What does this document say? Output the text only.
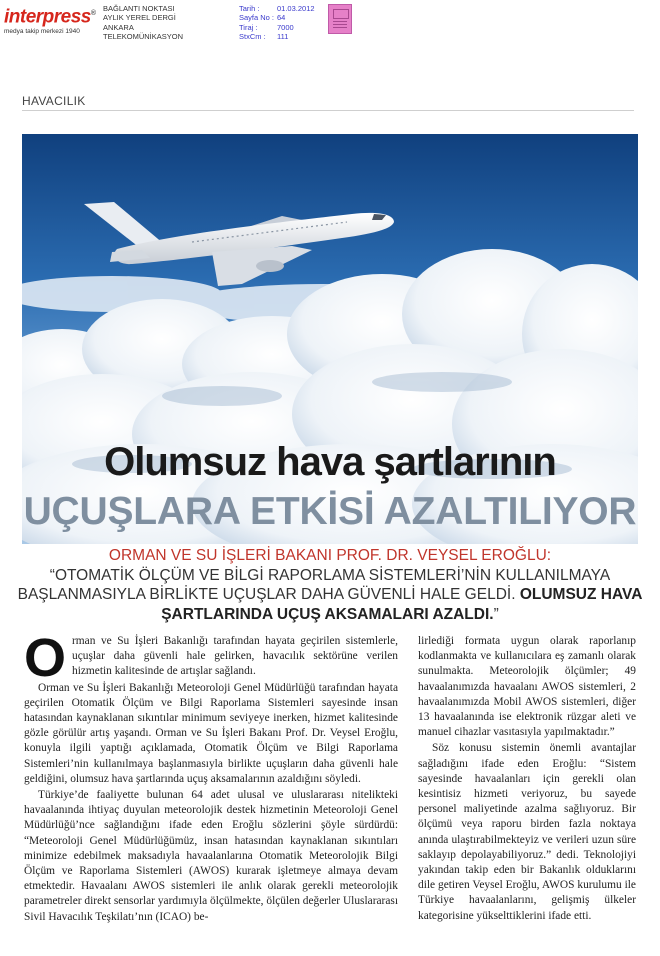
interpress®
medya takip merkezi 1940
BAĞLANTI NOKTASI
AYLIK YEREL DERGİ
ANKARA
TELEKOMÜNİKASYON
Tarih :	01.03.2012
Sayfa No : 64
Tiraj :	7000
StxCm :	111
HAVACILIK
Olumsuz hava şartlarının
UÇUŞLARA ETKİSİ AZALTILIYOR
ORMAN VE SU İŞLERİ BAKANI PROF. DR. VEYSEL EROĞLU:
“OTOMATİK ÖLÇÜM VE BİLGİ RAPORLAMA SİSTEMLERİ’NİN KULLANILMAYA
BAŞLANMASIYLA BİRLİKTE UÇUŞLAR DAHA GÜVENLİ HALE GELDİ. OLUMSUZ HAVA
ŞARTLARINDA UÇUŞ AKSAMALARI AZALDI.”

Orman ve Su İşleri Bakanlığı tarafından hayata geçirilen sistemlerle, uçuşlar daha güvenli hale gelirken, havacılık sektörüne verilen hizmetin kalitesinde de artışlar sağlandı.

Orman ve Su İşleri Bakanlığı Meteoroloji Genel Müdürlüğü tarafından hayata geçirilen Otomatik Ölçüm ve Bilgi Raporlama Sistemleri sayesinde insan hatasından kaynaklanan sıkıntılar minimum seviyeye inerken, hizmet kalitesinde gözle görülür artış yaşandı. Orman ve Su İşleri Bakanı Prof. Dr. Veysel Eroğlu, konuyla ilgili yaptığı açıklamada, Otomatik Ölçüm ve Bilgi Raporlama Sistemleri’nin kullanılmaya başlanmasıyla birlikte uçuşların daha güvenli hale geldiğini, olumsuz hava şartlarında uçuş aksamalarının azaldığını söyledi.

Türkiye’de faaliyette bulunan 64 adet ulusal ve uluslararası nitelikteki havaalanında ihtiyaç duyulan meteorolojik destek hizmetinin Meteoroloji Genel Müdürlüğü’nce sağlandığını ifade eden Eroğlu sözlerini şöyle sürdürdü: “Meteoroloji Genel Müdürlüğümüz, insan hatasından kaynaklanan sıkıntıları minimize edebilmek maksadıyla havaalanlarına Otomatik Meteorolojik Bilgi Ölçüm ve Raporlama Sistemleri (AWOS) kurarak işletmeye almaya devam etmektedir. Havaalanı AWOS sistemleri ile anlık olarak gerekli meteorolojik parametreler direkt sensorlar yardımıyla ölçülmekte, ölçülen değerler Uluslararası Sivil Havacılık Teşkilatı’nın (ICAO) be-

lirlediği formata uygun olarak raporlanıp kodlanmakta ve kullanıcılara eş zamanlı olarak sunulmakta. Meteorolojik ölçümler; 49 havaalanımızda havaalanı AWOS sistemleri, 2 havaalanımızda Mobil AWOS sistemleri, diğer 13 havaalanında ise elektronik rüzgar aleti ve manuel cihazlar vasıtasıyla yapılmaktadır.”

Söz konusu sistemin önemli avantajlar sağladığını ifade eden Eroğlu: “Sistem sayesinde havaalanları için gerekli olan kesintisiz hizmeti veriyoruz, bu sayede personel maliyetinde azalma sağlıyoruz. Bir ölçümü veya raporu birden fazla noktaya anında ulaştırabilmekteyiz ve verileri uzun süre saklayıp depolayabiliyoruz.” dedi. Teknolojiyi yakından takip eden bir Bakanlık olduklarını dile getiren Veysel Eroğlu, AWOS kurulumu ile Türkiye havaalanlarını, gelişmiş ülkeler kategorisine yükselttiklerini ifade etti.
